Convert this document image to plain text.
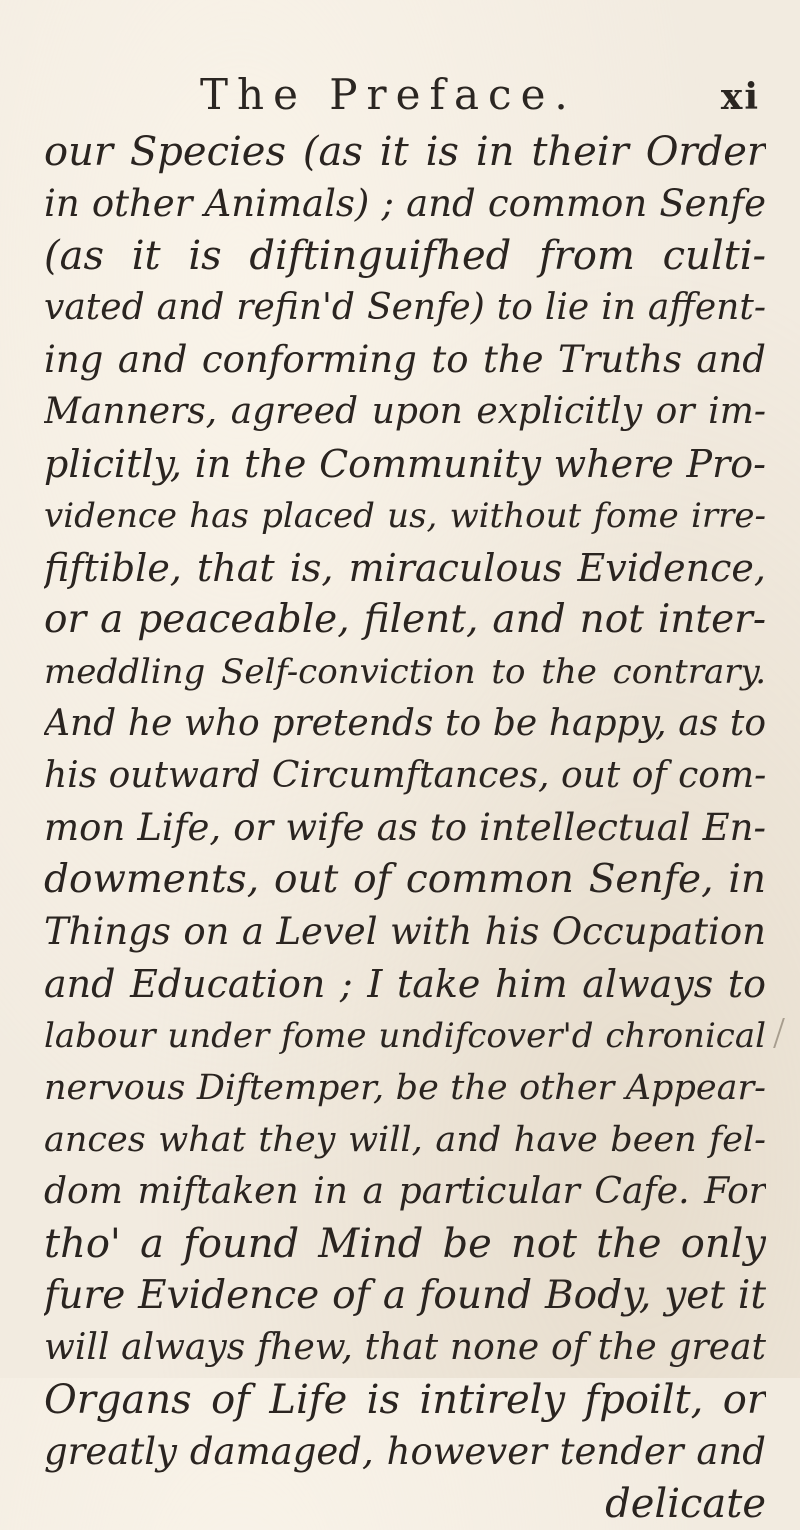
The Preface.	xi
our Species (as it is in their Order
in other Animals) ; and common Senfe
(as it is diftinguifhed from culti-
vated and refin'd Senfe) to lie in affent-
ing and conforming to the Truths and
Manners, agreed upon explicitly or im-
plicitly, in the Community where Pro-
vidence has placed us, without fome irre-
fiftible, that is, miraculous Evidence,
or a peaceable, filent, and not inter-
meddling Self-conviction to the contrary.
And he who pretends to be happy, as to
his outward Circumftances, out of com-
mon Life, or wife as to intellectual En-
dowments, out of common Senfe, in
Things on a Level with his Occupation
and Education ; I take him always to
labour under fome undifcover'd chronical
nervous Diftemper, be the other Appear-
ances what they will, and have been fel-
dom miftaken in a particular Cafe. For
tho' a found Mind be not the only
fure Evidence of a found Body, yet it
will always fhew, that none of the great
Organs of Life is intirely fpoilt, or
greatly damaged, however tender and
delicate
